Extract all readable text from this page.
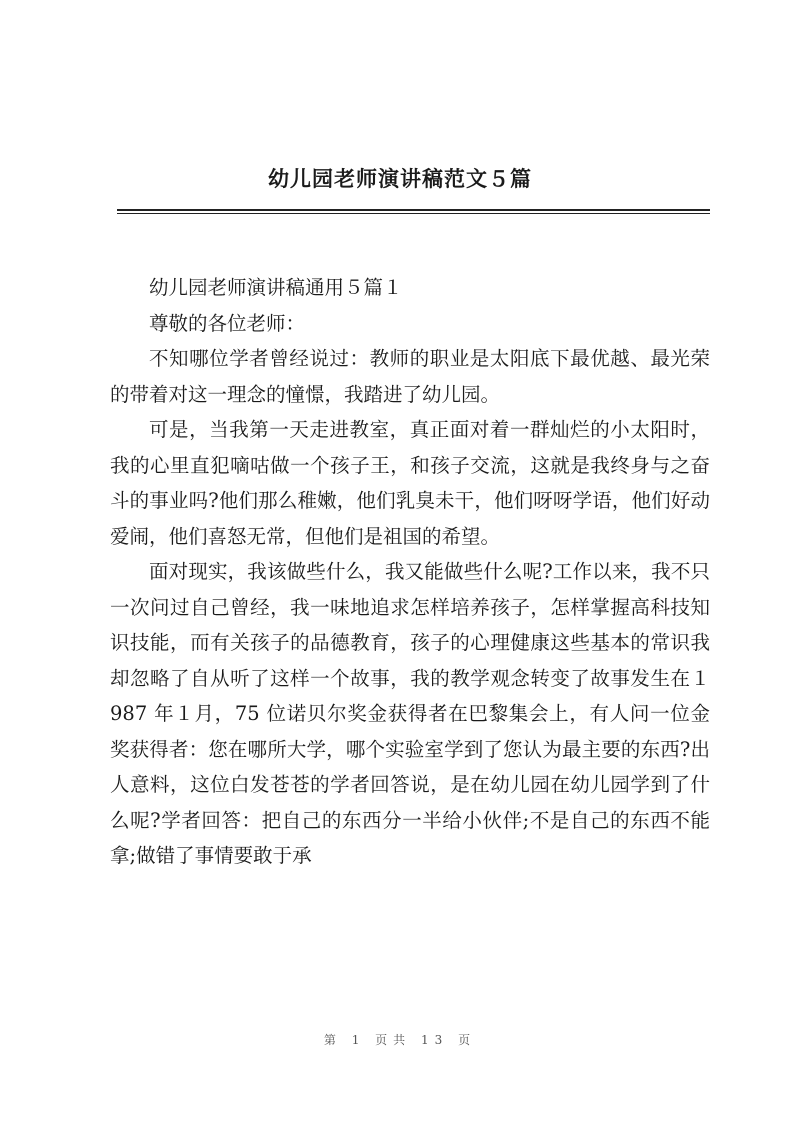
幼儿园老师演讲稿范文５篇

幼儿园老师演讲稿通用５篇１

尊敬的各位老师：

不知哪位学者曾经说过：教师的职业是太阳底下最优越、最光荣的带着对这一理念的憧憬，我踏进了幼儿园。

可是，当我第一天走进教室，真正面对着一群灿烂的小太阳时，我的心里直犯嘀咕做一个孩子王，和孩子交流，这就是我终身与之奋斗的事业吗?他们那么稚嫩，他们乳臭未干，他们呀呀学语，他们好动爱闹，他们喜怒无常，但他们是祖国的希望。

面对现实，我该做些什么，我又能做些什么呢?工作以来，我不只一次问过自己曾经，我一味地追求怎样培养孩子，怎样掌握高科技知识技能，而有关孩子的品德教育，孩子的心理健康这些基本的常识我却忽略了自从听了这样一个故事，我的教学观念转变了故事发生在１987 年１月，75 位诺贝尔奖金获得者在巴黎集会上，有人问一位金奖获得者：您在哪所大学，哪个实验室学到了您认为最主要的东西?出人意料，这位白发苍苍的学者回答说，是在幼儿园在幼儿园学到了什么呢?学者回答：把自己的东西分一半给小伙伴;不是自己的东西不能拿;做错了事情要敢于承

第 1 页共 13 页
